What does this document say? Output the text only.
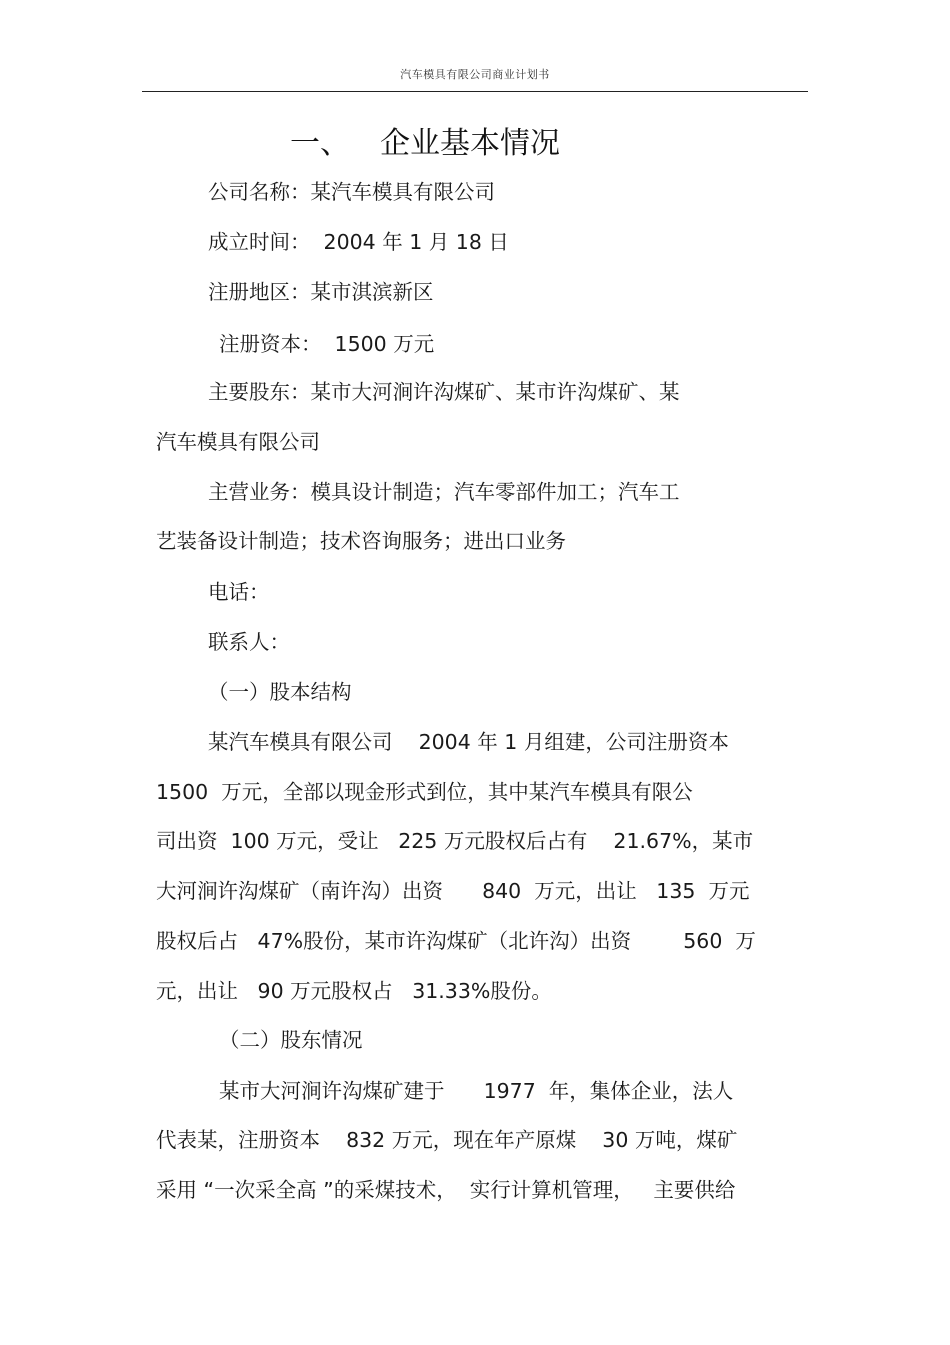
汽车模具有限公司商业计划书
一、 企业基本情况
公司名称：某汽车模具有限公司
成立时间：  2004 年 1 月 18 日
注册地区：某市淇滨新区
注册资本：  1500 万元
主要股东：某市大河涧许沟煤矿、某市许沟煤矿、某
汽车模具有限公司
主营业务：模具设计制造；汽车零部件加工；汽车工
艺装备设计制造；技术咨询服务；进出口业务
电话：
联系人：
（一）股本结构
某汽车模具有限公司    2004 年 1 月组建，公司注册资本
1500  万元，全部以现金形式到位，其中某汽车模具有限公
司出资  100 万元，受让   225 万元股权后占有    21.67%，某市
大河涧许沟煤矿（南许沟）出资      840  万元，出让   135  万元
股权后占   47%股份，某市许沟煤矿（北许沟）出资        560  万
元，出让   90 万元股权占   31.33%股份。
（二）股东情况
某市大河涧许沟煤矿建于      1977  年，集体企业，法人
代表某，注册资本    832 万元，现在年产原煤    30 万吨，煤矿
采用 “一次采全高 ”的采煤技术，  实行计算机管理，   主要供给
